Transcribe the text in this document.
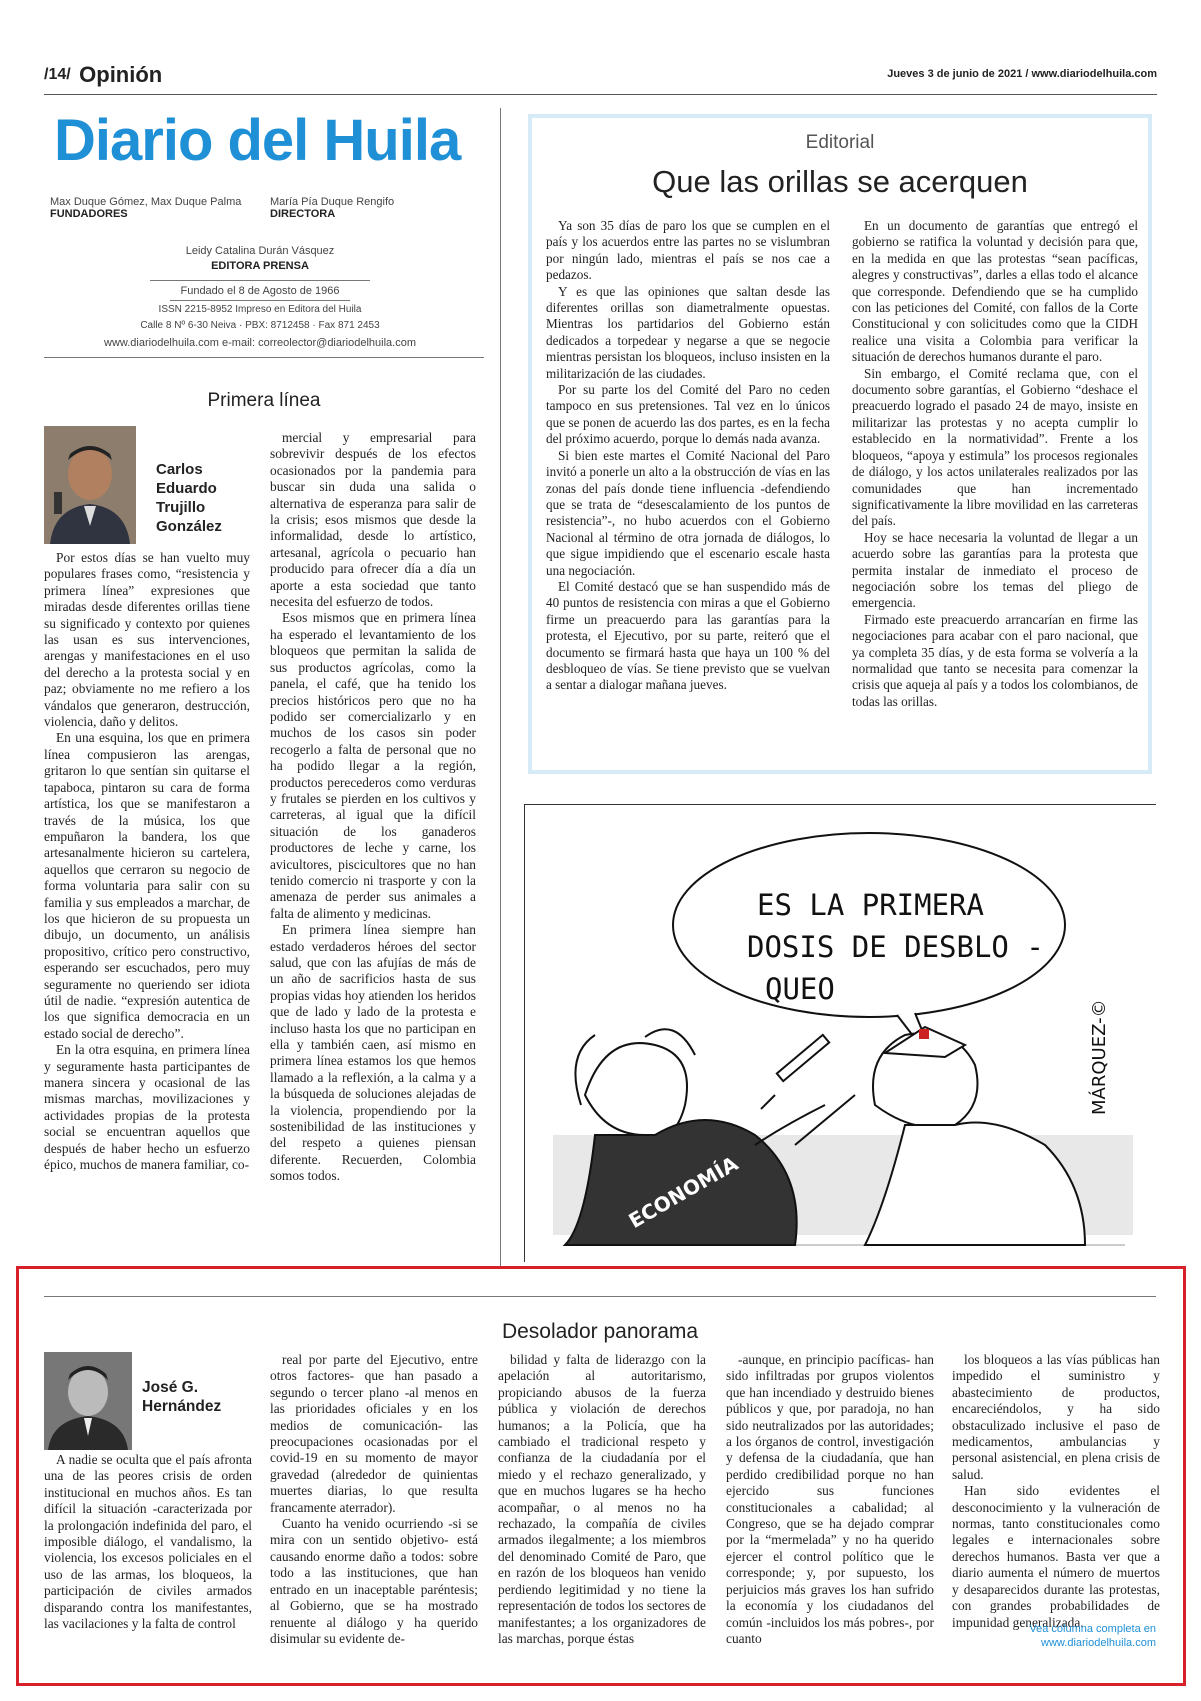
/14/ Opinión	Jueves 3 de junio de 2021 / www.diariodelhuila.com
Diario del Huila
Max Duque Gómez, Max Duque Palma
FUNDADORES
María Pía Duque Rengifo
DIRECTORA
Leidy Catalina Durán Vásquez
EDITORA PRENSA
Fundado el 8 de Agosto de 1966
ISSN 2215-8952 Impreso en Editora del Huila
Calle 8 Nº 6-30 Neiva · PBX: 8712458 · Fax 871 2453
www.diariodelhuila.com e-mail: correolector@diariodelhuila.com
Primera línea
Carlos
Eduardo
Trujillo
González

Por estos días se han vuelto muy populares frases como, “resistencia y primera línea” expresiones que miradas desde diferentes orillas tiene su significado y contexto por quienes las usan es sus intervenciones, arengas y manifestaciones en el uso del derecho a la protesta social y en paz; obviamente no me refiero a los vándalos que generaron, destrucción, violencia, daño y delitos.

En una esquina, los que en primera línea compusieron las arengas, gritaron lo que sentían sin quitarse el tapaboca, pintaron su cara de forma artística, los que se manifestaron a través de la música, los que empuñaron la bandera, los que artesanalmente hicieron su cartelera, aquellos que cerraron su negocio de forma voluntaria para salir con su familia y sus empleados a marchar, de los que hicieron de su propuesta un dibujo, un documento, un análisis propositivo, crítico pero constructivo, esperando ser escuchados, pero muy seguramente no queriendo ser idiota útil de nadie. “expresión autentica de los que significa democracia en un estado social de derecho”.

En la otra esquina, en primera línea y seguramente hasta participantes de manera sincera y ocasional de las mismas marchas, movilizaciones y actividades propias de la protesta social se encuentran aquellos que después de haber hecho un esfuerzo épico, muchos de manera familiar, co-

mercial y empresarial para sobrevivir después de los efectos ocasionados por la pandemia para buscar sin duda una salida o alternativa de esperanza para salir de la crisis; esos mismos que desde la informalidad, desde lo artístico, artesanal, agrícola o pecuario han producido para ofrecer día a día un aporte a esta sociedad que tanto necesita del esfuerzo de todos.

Esos mismos que en primera línea ha esperado el levantamiento de los bloqueos que permitan la salida de sus productos agrícolas, como la panela, el café, que ha tenido los precios históricos pero que no ha podido ser comercializarlo y en muchos de los casos sin poder recogerlo a falta de personal que no ha podido llegar a la región, productos perecederos como verduras y frutales se pierden en los cultivos y carreteras, al igual que la difícil situación de los ganaderos productores de leche y carne, los avicultores, piscicultores que no han tenido comercio ni trasporte y con la amenaza de perder sus animales a falta de alimento y medicinas.

En primera línea siempre han estado verdaderos héroes del sector salud, que con las afujías de más de un año de sacrificios hasta de sus propias vidas hoy atienden los heridos que de lado y lado de la protesta e incluso hasta los que no participan en ella y también caen, así mismo en primera línea estamos los que hemos llamado a la reflexión, a la calma y a la búsqueda de soluciones alejadas de la violencia, propendiendo por la sostenibilidad de las instituciones y del respeto a quienes piensan diferente. Recuerden, Colombia somos todos.

Editorial
Que las orillas se acerquen

Ya son 35 días de paro los que se cumplen en el país y los acuerdos entre las partes no se vislumbran por ningún lado, mientras el país se nos cae a pedazos.

Y es que las opiniones que saltan desde las diferentes orillas son diametralmente opuestas. Mientras los partidarios del Gobierno están dedicados a torpedear y negarse a que se negocie mientras persistan los bloqueos, incluso insisten en la militarización de las ciudades.

Por su parte los del Comité del Paro no ceden tampoco en sus pretensiones. Tal vez en lo únicos que se ponen de acuerdo las dos partes, es en la fecha del próximo acuerdo, porque lo demás nada avanza.

Si bien este martes el Comité Nacional del Paro invitó a ponerle un alto a la obstrucción de vías en las zonas del país donde tiene influencia -defendiendo que se trata de “desescalamiento de los puntos de resistencia”-, no hubo acuerdos con el Gobierno Nacional al término de otra jornada de diálogos, lo que sigue impidiendo que el escenario escale hasta una negociación.

El Comité destacó que se han suspendido más de 40 puntos de resistencia con miras a que el Gobierno firme un preacuerdo para las garantías para la protesta, el Ejecutivo, por su parte, reiteró que el documento se firmará hasta que haya un 100 % del desbloqueo de vías. Se tiene previsto que se vuelvan a sentar a dialogar mañana jueves.

En un documento de garantías que entregó el gobierno se ratifica la voluntad y decisión para que, en la medida en que las protestas “sean pacíficas, alegres y constructivas”, darles a ellas todo el alcance que corresponde. Defendiendo que se ha cumplido con las peticiones del Comité, con fallos de la Corte Constitucional y con solicitudes como que la CIDH realice una visita a Colombia para verificar la situación de derechos humanos durante el paro.

Sin embargo, el Comité reclama que, con el documento sobre garantías, el Gobierno “deshace el preacuerdo logrado el pasado 24 de mayo, insiste en militarizar las protestas y no acepta cumplir lo establecido en la normatividad”. Frente a los bloqueos, “apoya y estimula” los procesos regionales de diálogo, y los actos unilaterales realizados por las comunidades que han incrementado significativamente la libre movilidad en las carreteras del país.

Hoy se hace necesaria la voluntad de llegar a un acuerdo sobre las garantías para la protesta que permita instalar de inmediato el proceso de negociación sobre los temas del pliego de emergencia.

Firmado este preacuerdo arrancarían en firme las negociaciones para acabar con el paro nacional, que ya completa 35 días, y de esta forma se volvería a la normalidad que tanto se necesita para comenzar la crisis que aqueja al país y a todos los colombianos, de todas las orillas.

ES LA PRIMERA
DOSIS DE DESBLO -
QUEO
ECONOMÍA
MÁRQUEZ-©
Desolador panorama
José G.
Hernández

A nadie se oculta que el país afronta una de las peores crisis de orden institucional en muchos años. Es tan difícil la situación -caracterizada por la prolongación indefinida del paro, el imposible diálogo, el vandalismo, la violencia, los excesos policiales en el uso de las armas, los bloqueos, la participación de civiles armados disparando contra los manifestantes, las vacilaciones y la falta de control

real por parte del Ejecutivo, entre otros factores- que han pasado a segundo o tercer plano -al menos en las prioridades oficiales y en los medios de comunicación- las preocupaciones ocasionadas por el covid-19 en su momento de mayor gravedad (alrededor de quinientas muertes diarias, lo que resulta francamente aterrador).

Cuanto ha venido ocurriendo -si se mira con un sentido objetivo- está causando enorme daño a todos: sobre todo a las instituciones, que han entrado en un inaceptable paréntesis; al Gobierno, que se ha mostrado renuente al diálogo y ha querido disimular su evidente de-

bilidad y falta de liderazgo con la apelación al autoritarismo, propiciando abusos de la fuerza pública y violación de derechos humanos; a la Policía, que ha cambiado el tradicional respeto y confianza de la ciudadanía por el miedo y el rechazo generalizado, y que en muchos lugares se ha hecho acompañar, o al menos no ha rechazado, la compañía de civiles armados ilegalmente; a los miembros del denominado Comité de Paro, que en razón de los bloqueos han venido perdiendo legitimidad y no tiene la representación de todos los sectores de manifestantes; a los organizadores de las marchas, porque éstas

-aunque, en principio pacíficas- han sido infiltradas por grupos violentos que han incendiado y destruido bienes públicos y que, por paradoja, no han sido neutralizados por las autoridades; a los órganos de control, investigación y defensa de la ciudadanía, que han perdido credibilidad porque no han ejercido sus funciones constitucionales a cabalidad; al Congreso, que se ha dejado comprar por la “mermelada” y no ha querido ejercer el control político que le corresponde; y, por supuesto, los perjuicios más graves los han sufrido la economía y los ciudadanos del común -incluidos los más pobres-, por cuanto

los bloqueos a las vías públicas han impedido el suministro y abastecimiento de productos, encareciéndolos, y ha sido obstaculizado inclusive el paso de medicamentos, ambulancias y personal asistencial, en plena crisis de salud.

Han sido evidentes el desconocimiento y la vulneración de normas, tanto constitucionales como legales e internacionales sobre derechos humanos. Basta ver que a diario aumenta el número de muertos y desaparecidos durante las protestas, con grandes probabilidades de impunidad generalizada.

Vea columna completa en
www.diariodelhuila.com
